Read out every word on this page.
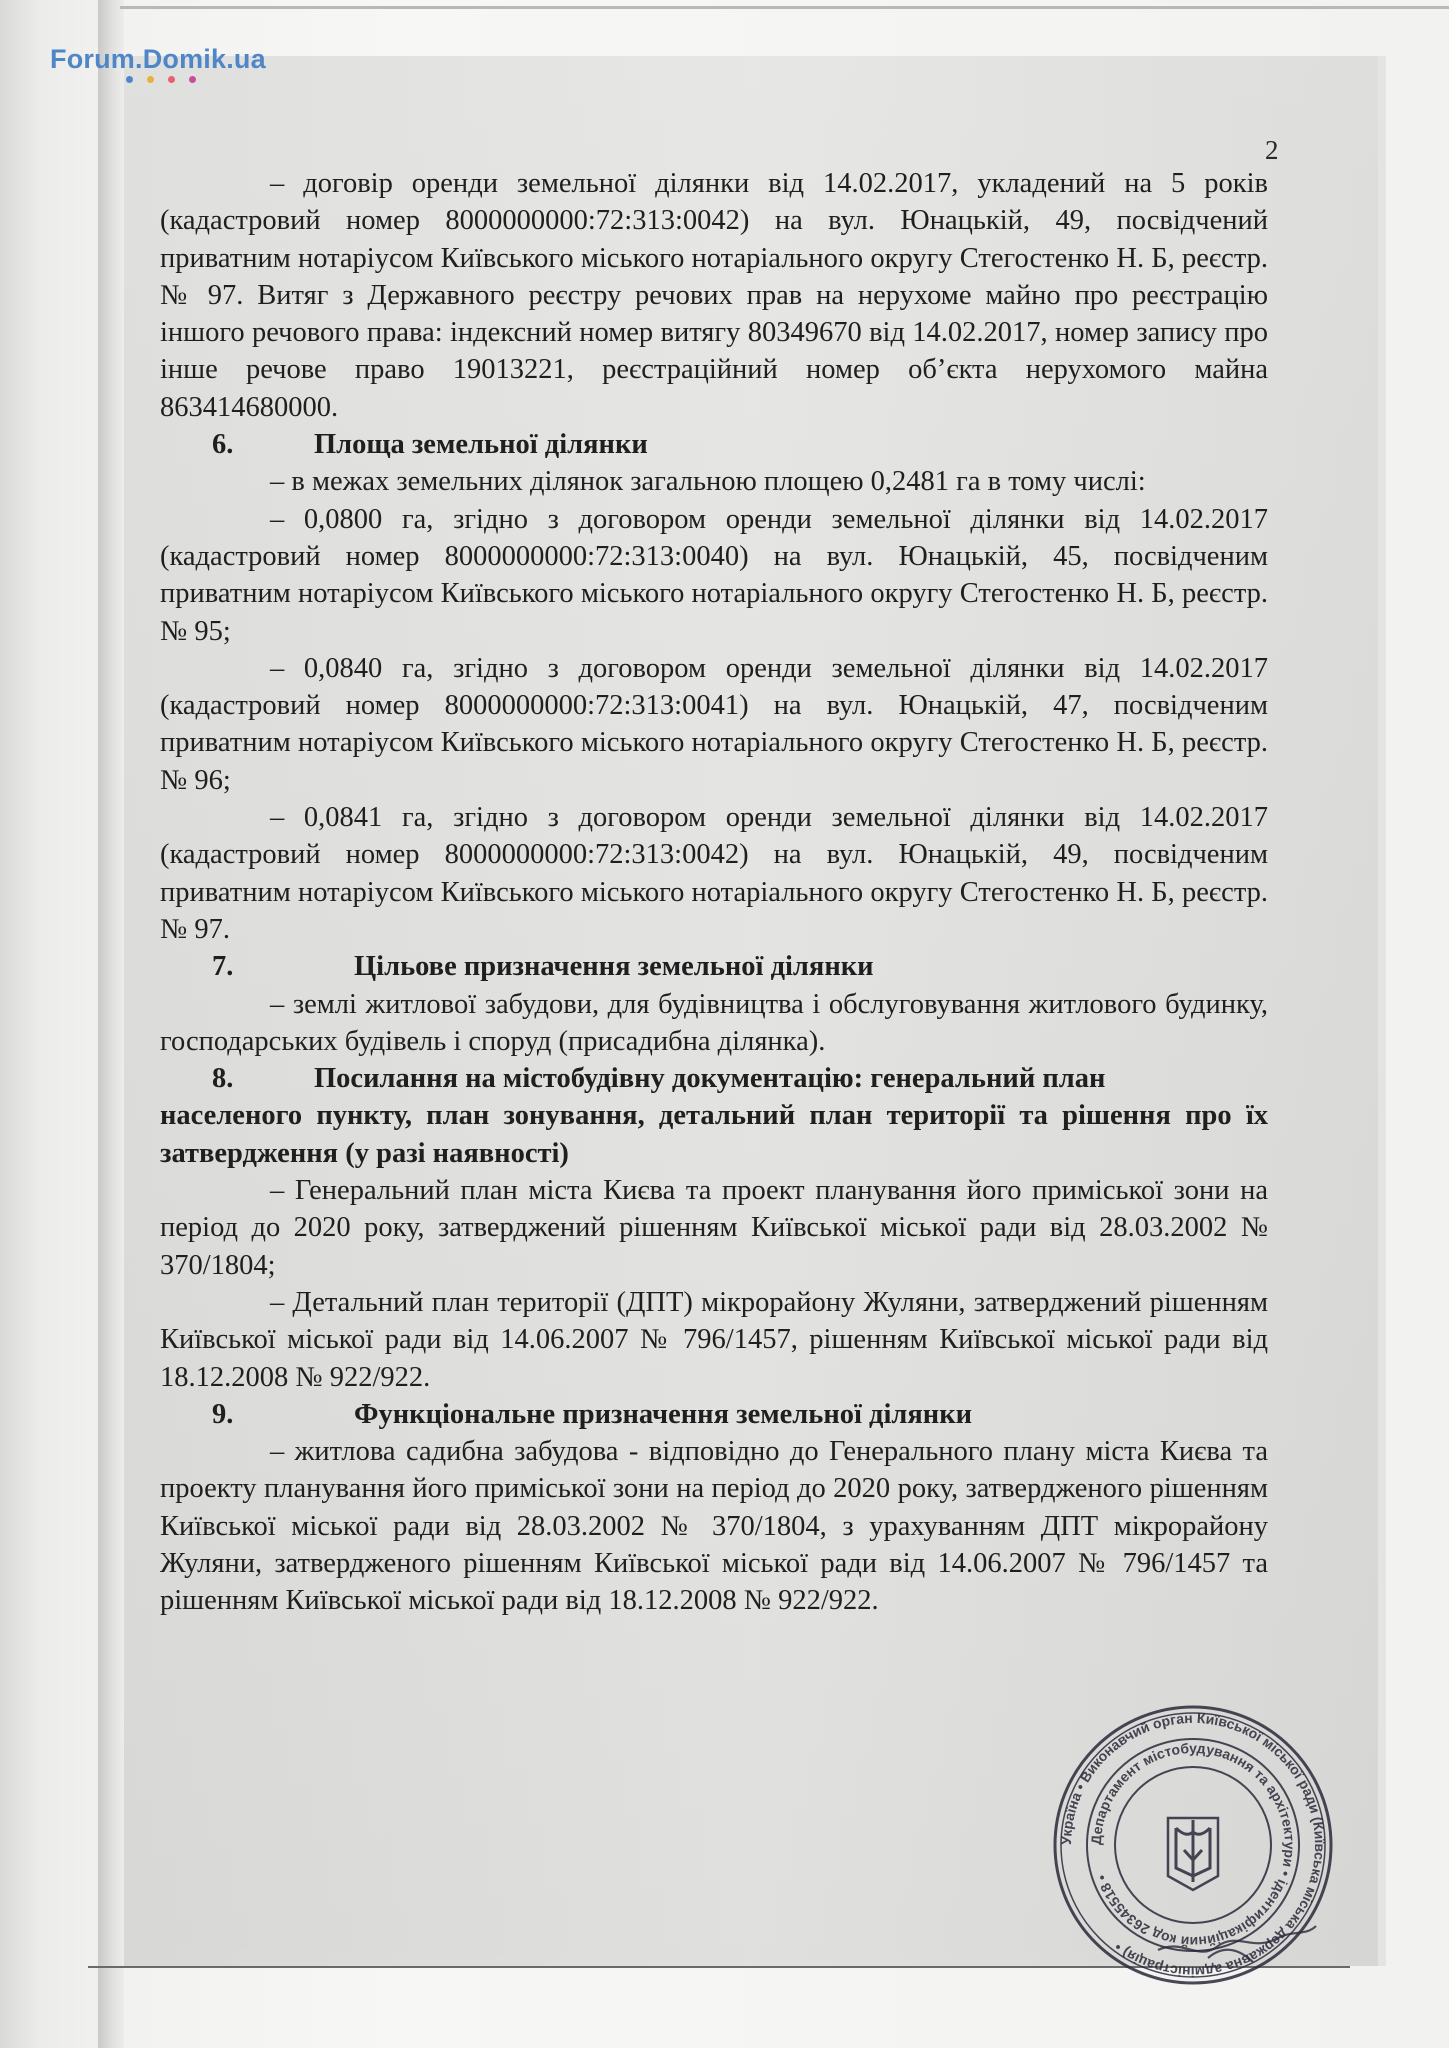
Forum.Domik.ua
2

– договір оренди земельної ділянки від 14.02.2017, укладений на 5 років (кадастровий номер 8000000000:72:313:0042) на вул. Юнацькій, 49, посвідчений приватним нотаріусом Київського міського нотаріального округу Стегостенко Н. Б, реєстр. № 97. Витяг з Державного реєстру речових прав на нерухоме майно про реєстрацію іншого речового права: індексний номер витягу 80349670 від 14.02.2017, номер запису про інше речове право 19013221, реєстраційний номер об’єкта нерухомого майна 863414680000.

6.	Площа земельної ділянки

– в межах земельних ділянок загальною площею 0,2481 га в тому числі:

– 0,0800 га, згідно з договором оренди земельної ділянки від 14.02.2017 (кадастровий номер 8000000000:72:313:0040) на вул. Юнацькій, 45, посвідченим приватним нотаріусом Київського міського нотаріального округу Стегостенко Н. Б, реєстр. № 95;

– 0,0840 га, згідно з договором оренди земельної ділянки від 14.02.2017 (кадастровий номер 8000000000:72:313:0041) на вул. Юнацькій, 47, посвідченим приватним нотаріусом Київського міського нотаріального округу Стегостенко Н. Б, реєстр. № 96;

– 0,0841 га, згідно з договором оренди земельної ділянки від 14.02.2017 (кадастровий номер 8000000000:72:313:0042) на вул. Юнацькій, 49, посвідченим приватним нотаріусом Київського міського нотаріального округу Стегостенко Н. Б, реєстр. № 97.

7.	Цільове призначення земельної ділянки

– землі житлової забудови, для будівництва і обслуговування житлового будинку, господарських будівель і споруд (присадибна ділянка).

8.	Посилання на містобудівну документацію: генеральний план
населеного пункту, план зонування, детальний план території та рішення про їх затвердження (у разі наявності)

– Генеральний план міста Києва та проект планування його приміської зони на період до 2020 року, затверджений рішенням Київської міської ради від 28.03.2002 № 370/1804;

– Детальний план території (ДПТ) мікрорайону Жуляни, затверджений рішенням Київської міської ради від 14.06.2007 № 796/1457, рішенням Київської міської ради від 18.12.2008 № 922/922.

9.	Функціональне призначення земельної ділянки

– житлова садибна забудова - відповідно до Генерального плану міста Києва та проекту планування його приміської зони на період до 2020 року, затвердженого рішенням Київської міської ради від 28.03.2002 № 370/1804, з урахуванням ДПТ мікрорайону Жуляни, затвердженого рішенням Київської міської ради від 14.06.2007 № 796/1457 та рішенням Київської міської ради від 18.12.2008 № 922/922.

Україна • Виконавчий орган Київської міської ради (Київська міська державна адміністрація) •
Департамент містобудування та архітектури • ідентифікаційний код 26345518 •
